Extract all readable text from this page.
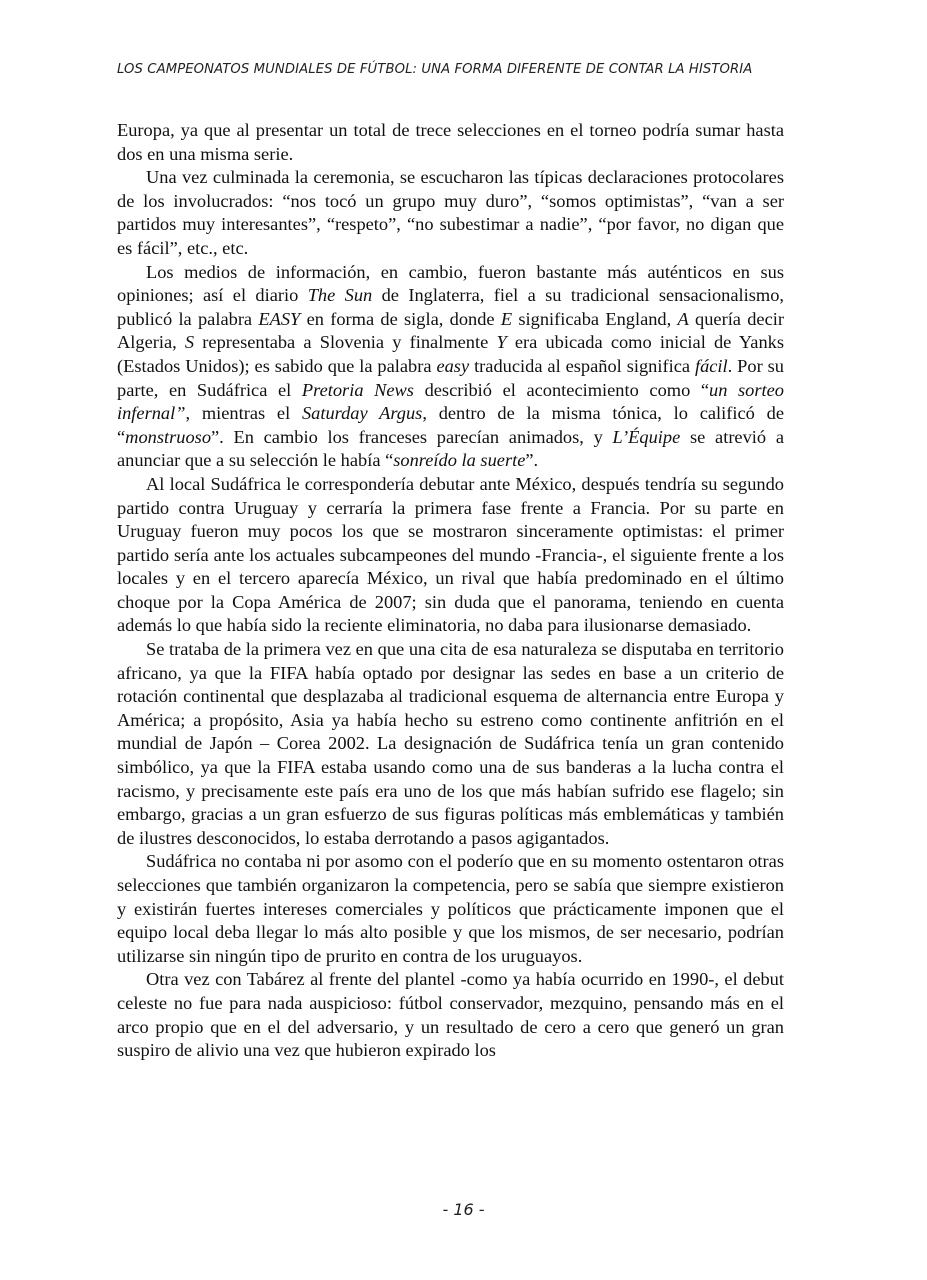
LOS CAMPEONATOS MUNDIALES DE FÚTBOL: UNA FORMA DIFERENTE DE CONTAR LA HISTORIA

Europa, ya que al presentar un total de trece selecciones en el torneo podría sumar hasta dos en una misma serie.

Una vez culminada la ceremonia, se escucharon las típicas declaraciones protocolares de los involucrados: “nos tocó un grupo muy duro”, “somos optimistas”, “van a ser partidos muy interesantes”, “respeto”, “no subestimar a nadie”, “por favor, no digan que es fácil”, etc., etc.

Los medios de información, en cambio, fueron bastante más auténticos en sus opiniones; así el diario The Sun de Inglaterra, fiel a su tradicional sensacionalismo, publicó la palabra EASY en forma de sigla, donde E significaba England, A quería decir Algeria, S representaba a Slovenia y finalmente Y era ubicada como inicial de Yanks (Estados Unidos); es sabido que la palabra easy traducida al español significa fácil. Por su parte, en Sudáfrica el Pretoria News describió el acontecimiento como “un sorteo infernal”, mientras el Saturday Argus, dentro de la misma tónica, lo calificó de “monstruoso”. En cambio los franceses parecían animados, y L’Équipe se atrevió a anunciar que a su selección le había “sonreído la suerte”.

Al local Sudáfrica le correspondería debutar ante México, después tendría su segundo partido contra Uruguay y cerraría la primera fase frente a Francia. Por su parte en Uruguay fueron muy pocos los que se mostraron sinceramente optimistas: el primer partido sería ante los actuales subcampeones del mundo -Francia-, el siguiente frente a los locales y en el tercero aparecía México, un rival que había predominado en el último choque por la Copa América de 2007; sin duda que el panorama, teniendo en cuenta además lo que había sido la reciente eliminatoria, no daba para ilusionarse demasiado.

Se trataba de la primera vez en que una cita de esa naturaleza se disputaba en territorio africano, ya que la FIFA había optado por designar las sedes en base a un criterio de rotación continental que desplazaba al tradicional esquema de alternancia entre Europa y América; a propósito, Asia ya había hecho su estreno como continente anfitrión en el mundial de Japón – Corea 2002. La designación de Sudáfrica tenía un gran contenido simbólico, ya que la FIFA estaba usando como una de sus banderas a la lucha contra el racismo, y precisamente este país era uno de los que más habían sufrido ese flagelo; sin embargo, gracias a un gran esfuerzo de sus figuras políticas más emblemáticas y también de ilustres desconocidos, lo estaba derrotando a pasos agigantados.

Sudáfrica no contaba ni por asomo con el poderío que en su momento ostentaron otras selecciones que también organizaron la competencia, pero se sabía que siempre existieron y existirán fuertes intereses comerciales y políticos que prácticamente imponen que el equipo local deba llegar lo más alto posible y que los mismos, de ser necesario, podrían utilizarse sin ningún tipo de prurito en contra de los uruguayos.

Otra vez con Tabárez al frente del plantel -como ya había ocurrido en 1990-, el debut celeste no fue para nada auspicioso: fútbol conservador, mezquino, pensando más en el arco propio que en el del adversario, y un resultado de cero a cero que generó un gran suspiro de alivio una vez que hubieron expirado los

- 16 -
